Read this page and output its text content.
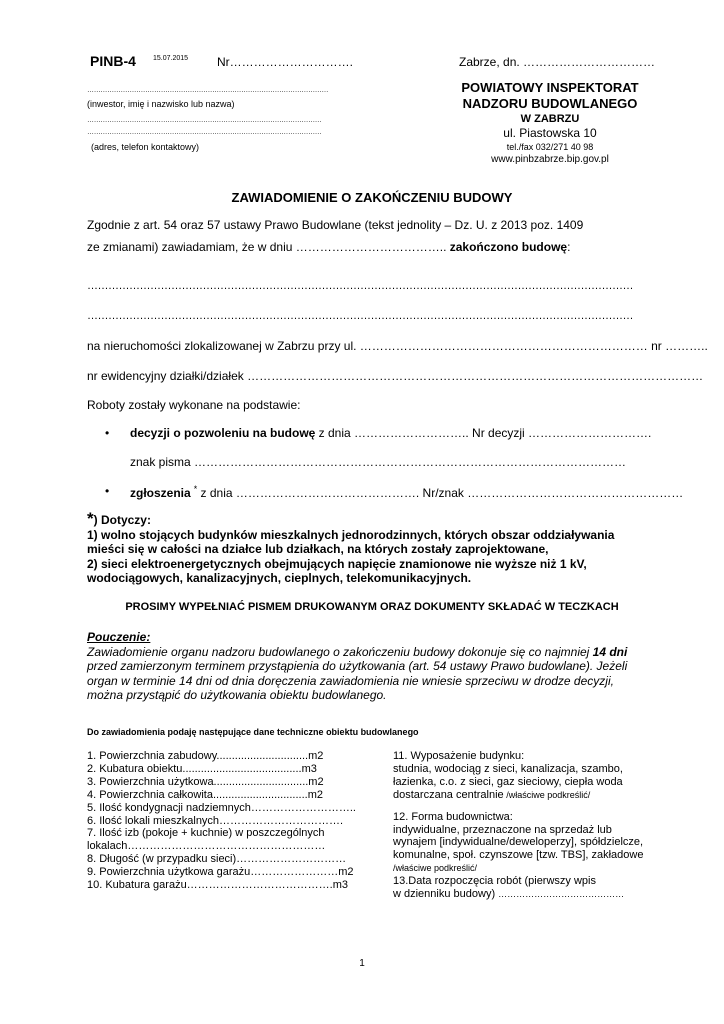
PINB-4 15.07.2015 Nr………………………….	Zabrze, dn. ……………………………
………………………………………………………………………………………………
(inwestor, imię i nazwisko lub nazwa)
……………………………………………………………………………………………
……………………………………………………………………………………………
(adres, telefon kontaktowy)
POWIATOWY INSPEKTORAT
NADZORU BUDOWLANEGO
W ZABRZU
ul. Piastowska 10
tel./fax 032/271 40 98
www.pinbzabrze.bip.gov.pl
ZAWIADOMIENIE O ZAKOŃCZENIU BUDOWY
Zgodnie z art. 54 oraz 57 ustawy Prawo Budowlane (tekst jednolity – Dz. U. z 2013 poz. 1409
ze zmianami) zawiadamiam, że w dniu ……………………………….. zakończono budowę:
…………………………………………………………………………………………………………………………………………
…………………………………………………………………………………………………………………………………………
na nieruchomości zlokalizowanej w Zabrzu przy ul. ……………………………………………………………… nr ………..
nr ewidencyjny działki/działek ……………………………………………………………………………………………………
Roboty zostały wykonane na podstawie:
• decyzji o pozwoleniu na budowę z dnia ……………………….. Nr decyzji ………………………….
znak pisma ………………………………………………………………………………………………
• zgłoszenia * z dnia ………………………………………. Nr/znak ………………………………………………
*) Dotyczy:
1) wolno stojących budynków mieszkalnych jednorodzinnych, których obszar oddziaływania
mieści się w całości na działce lub działkach, na których zostały zaprojektowane,
2) sieci elektroenergetycznych obejmujących napięcie znamionowe nie wyższe niż 1 kV,
wodociągowych, kanalizacyjnych, cieplnych, telekomunikacyjnych.
PROSIMY WYPEŁNIAĆ PISMEM DRUKOWANYM ORAZ DOKUMENTY SKŁADAĆ W TECZKACH
Pouczenie:
Zawiadomienie organu nadzoru budowlanego o zakończeniu budowy dokonuje się co najmniej 14 dni
przed zamierzonym terminem przystąpienia do użytkowania (art. 54 ustawy Prawo budowlane). Jeżeli
organ w terminie 14 dni od dnia doręczenia zawiadomienia nie wniesie sprzeciwu w drodze decyzji,
można przystąpić do użytkowania obiektu budowlanego.
Do zawiadomienia podaję następujące dane techniczne obiektu budowlanego
1. Powierzchnia zabudowy..............................m2
2. Kubatura obiektu.......................................m3
3. Powierzchnia użytkowa...............................m2
4. Powierzchnia całkowita...............................m2
5. Ilość kondygnacji nadziemnych………………………..
6. Ilość lokali mieszkalnych…………………………….
7. Ilość izb (pokoje + kuchnie) w poszczególnych
lokalach………………………………………………
8. Długość (w przypadku sieci)…………………………
9. Powierzchnia użytkowa garażu……………………m2
10. Kubatura garażu………………………………….m3
11. Wyposażenie budynku:
studnia, wodociąg z sieci, kanalizacja, szambo,
łazienka, c.o. z sieci, gaz sieciowy, ciepła woda
dostarczana centralnie /właściwe podkreślić/
12. Forma budownictwa:
indywidualne, przeznaczone na sprzedaż lub
wynajem [indywidualne/deweloperzy], spółdzielcze,
komunalne, społ. czynszowe [tzw. TBS], zakładowe
/właściwe podkreślić/
13.Data rozpoczęcia robót (pierwszy wpis
w dzienniku budowy) ……………………………………
1
